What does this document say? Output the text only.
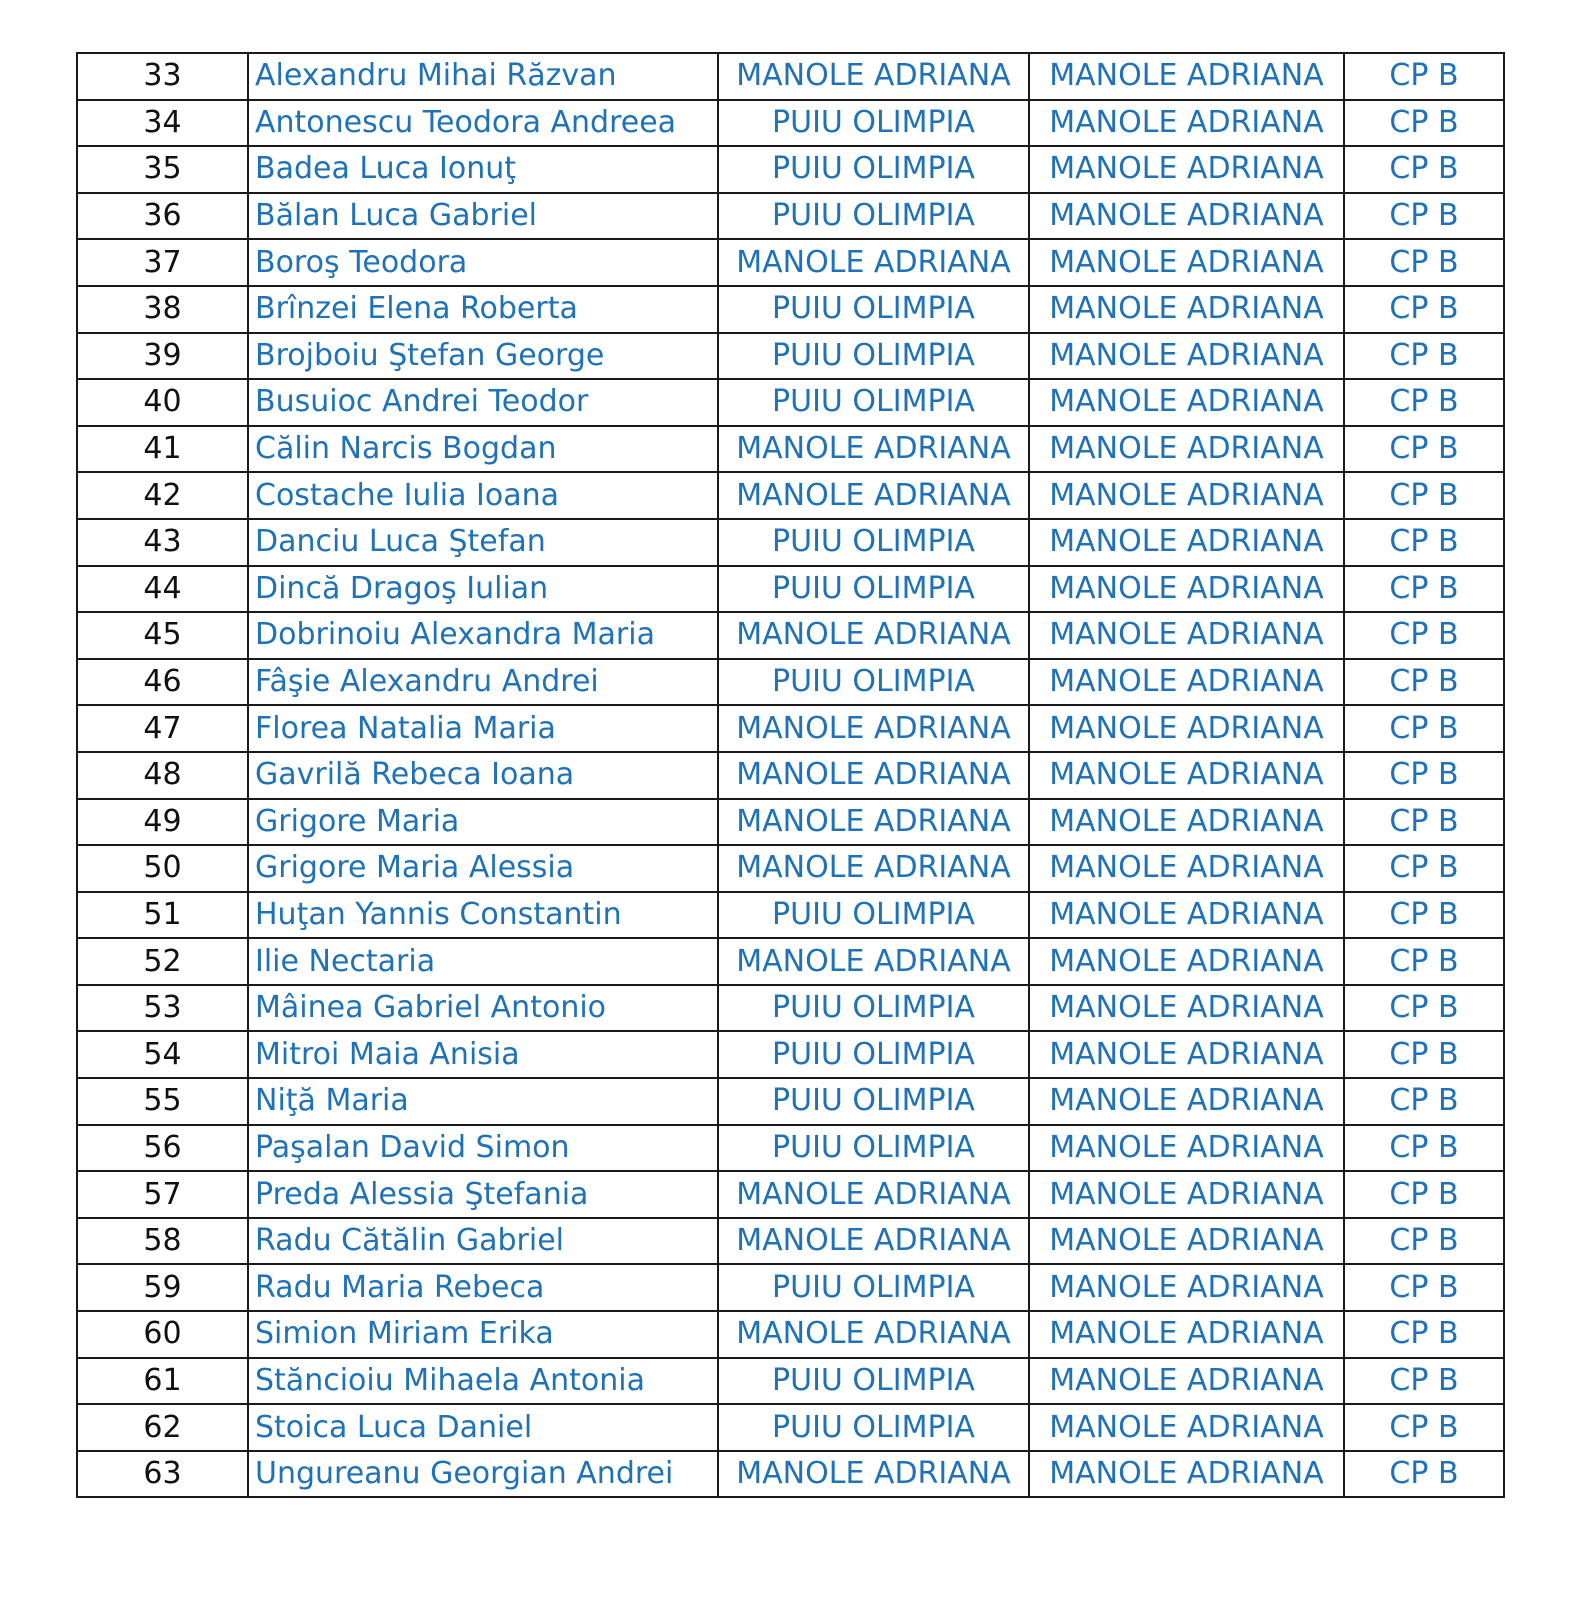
33	Alexandru Mihai Răzvan	MANOLE ADRIANA	MANOLE ADRIANA	CP B
34	Antonescu Teodora Andreea	PUIU OLIMPIA	MANOLE ADRIANA	CP B
35	Badea Luca Ionuţ	PUIU OLIMPIA	MANOLE ADRIANA	CP B
36	Bălan Luca Gabriel	PUIU OLIMPIA	MANOLE ADRIANA	CP B
37	Boroş Teodora	MANOLE ADRIANA	MANOLE ADRIANA	CP B
38	Brînzei Elena Roberta	PUIU OLIMPIA	MANOLE ADRIANA	CP B
39	Brojboiu Ştefan George	PUIU OLIMPIA	MANOLE ADRIANA	CP B
40	Busuioc Andrei Teodor	PUIU OLIMPIA	MANOLE ADRIANA	CP B
41	Călin Narcis Bogdan	MANOLE ADRIANA	MANOLE ADRIANA	CP B
42	Costache Iulia Ioana	MANOLE ADRIANA	MANOLE ADRIANA	CP B
43	Danciu Luca Ştefan	PUIU OLIMPIA	MANOLE ADRIANA	CP B
44	Dincă Dragoş Iulian	PUIU OLIMPIA	MANOLE ADRIANA	CP B
45	Dobrinoiu Alexandra Maria	MANOLE ADRIANA	MANOLE ADRIANA	CP B
46	Fâşie Alexandru Andrei	PUIU OLIMPIA	MANOLE ADRIANA	CP B
47	Florea Natalia Maria	MANOLE ADRIANA	MANOLE ADRIANA	CP B
48	Gavrilă Rebeca Ioana	MANOLE ADRIANA	MANOLE ADRIANA	CP B
49	Grigore Maria	MANOLE ADRIANA	MANOLE ADRIANA	CP B
50	Grigore Maria Alessia	MANOLE ADRIANA	MANOLE ADRIANA	CP B
51	Huţan Yannis Constantin	PUIU OLIMPIA	MANOLE ADRIANA	CP B
52	Ilie Nectaria	MANOLE ADRIANA	MANOLE ADRIANA	CP B
53	Mâinea Gabriel Antonio	PUIU OLIMPIA	MANOLE ADRIANA	CP B
54	Mitroi Maia Anisia	PUIU OLIMPIA	MANOLE ADRIANA	CP B
55	Niţă Maria	PUIU OLIMPIA	MANOLE ADRIANA	CP B
56	Paşalan David Simon	PUIU OLIMPIA	MANOLE ADRIANA	CP B
57	Preda Alessia Ştefania	MANOLE ADRIANA	MANOLE ADRIANA	CP B
58	Radu Cătălin Gabriel	MANOLE ADRIANA	MANOLE ADRIANA	CP B
59	Radu Maria Rebeca	PUIU OLIMPIA	MANOLE ADRIANA	CP B
60	Simion Miriam Erika	MANOLE ADRIANA	MANOLE ADRIANA	CP B
61	Stăncioiu Mihaela Antonia	PUIU OLIMPIA	MANOLE ADRIANA	CP B
62	Stoica Luca Daniel	PUIU OLIMPIA	MANOLE ADRIANA	CP B
63	Ungureanu Georgian Andrei	MANOLE ADRIANA	MANOLE ADRIANA	CP B
